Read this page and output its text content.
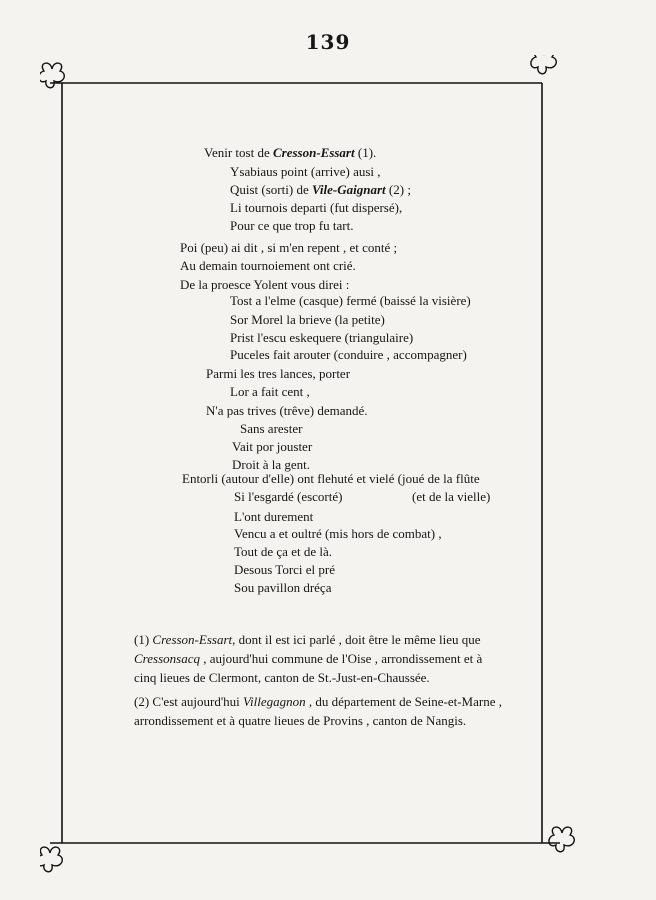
139
Venir tost de Cresson-Essart (1).
Ysabiaus point (arrive) ausi ,
Quist (sorti) de Vile-Gaignart (2) ;
Li tournois departi (fut dispersé),
Pour ce que trop fu tart.
Poi (peu) ai dit , si m'en repent , et conté ;
Au demain tournoiement ont crié.
De la proesce Yolent vous direi :
Tost a l'elme (casque) fermé (baissé la visière)
Sor Morel la brieve (la petite)
Prist l'escu eskequere (triangulaire)
Puceles fait arouter (conduire , accompagner)
Parmi les tres lances, porter
Lor a fait cent ,
N'a pas trives (trêve) demandé.
Sans arester
Vait por jouster
Droit à la gent.
Entorli (autour d'elle) ont flehuté et vielé (joué de la flûte
Si l'esgardé (escorté)	(et de la vielle)
L'ont durement
Vencu a et oultré (mis hors de combat) ,
Tout de ça et de là.
Desous Torci el pré
Sou pavillon dréça
(1) Cresson-Essart, dont il est ici parlé , doit être le même lieu que Cressonsacq , aujourd'hui commune de l'Oise , arrondissement et à cinq lieues de Clermont, canton de St.-Just-en-Chaussée.
(2) C'est aujourd'hui Villegagnon , du département de Seine-et-Marne , arrondissement et à quatre lieues de Provins , canton de Nangis.
